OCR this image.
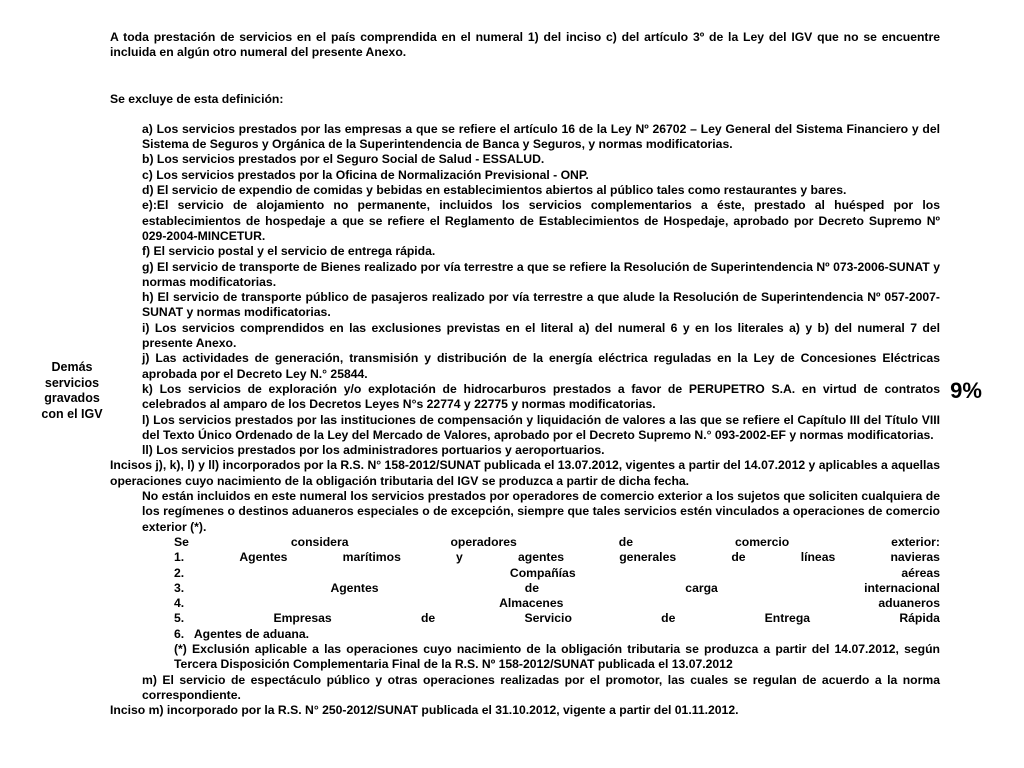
Demás
servicios
gravados
con el IGV
9%

A toda prestación de servicios en el país comprendida en el numeral 1) del inciso c) del artículo 3º de la Ley del IGV que no se encuentre incluida en algún otro numeral del presente Anexo.

Se excluye de esta definición:

a) Los servicios prestados por las empresas a que se refiere el artículo 16 de la Ley Nº 26702 – Ley General del Sistema Financiero y del Sistema de Seguros y Orgánica de la Superintendencia de Banca y Seguros, y normas modificatorias.

b) Los servicios prestados por el Seguro Social de Salud - ESSALUD.

c) Los servicios prestados por la Oficina de Normalización Previsional - ONP.

d) El servicio de expendio de comidas y bebidas en establecimientos abiertos al público tales como restaurantes y bares.

e):El servicio de alojamiento no permanente, incluidos los servicios complementarios a éste, prestado al huésped por los establecimientos de hospedaje a que se refiere el Reglamento de Establecimientos de Hospedaje, aprobado por Decreto Supremo Nº 029-2004-MINCETUR.

f) El servicio postal y el servicio de entrega rápida.

g) El servicio de transporte de Bienes realizado por vía terrestre a que se refiere la Resolución de Superintendencia Nº 073-2006-SUNAT y normas modificatorias.

h) El servicio de transporte público de pasajeros realizado por vía terrestre a que alude la Resolución de Superintendencia Nº 057-2007-SUNAT y normas modificatorias.

i) Los servicios comprendidos en las exclusiones previstas en el literal a) del numeral 6 y en los literales a) y b) del numeral 7 del presente Anexo.

j) Las actividades de generación, transmisión y distribución de la energía eléctrica reguladas en la Ley de Concesiones Eléctricas aprobada por el Decreto Ley N.° 25844.

k) Los servicios de exploración y/o explotación de hidrocarburos prestados a favor de PERUPETRO S.A. en virtud de contratos celebrados al amparo de los Decretos Leyes N°s 22774 y 22775 y normas modificatorias.

l) Los servicios prestados por las instituciones de compensación y liquidación de valores a las que se refiere el Capítulo III del Título VIII del Texto Único Ordenado de la Ley del Mercado de Valores, aprobado por el Decreto Supremo N.° 093-2002-EF y normas modificatorias.

ll) Los servicios prestados por los administradores portuarios y aeroportuarios.

Incisos j), k), l) y ll) incorporados por la R.S. N° 158-2012/SUNAT publicada el 13.07.2012, vigentes a partir del 14.07.2012 y aplicables a aquellas operaciones cuyo nacimiento de la obligación tributaria del IGV se produzca a partir de dicha fecha.

No están incluidos en este numeral los servicios prestados por operadores de comercio exterior a los sujetos que soliciten cualquiera de los regímenes o destinos aduaneros especiales o de excepción, siempre que tales servicios estén vinculados a operaciones de comercio exterior (*).

Se	considera	operadores	de	comercio	exterior:
1.	Agentes	marítimos	y	agentes	generales	de	líneas	navieras
2.	Compañías	aéreas
3.	Agentes	de	carga	internacional
4.	Almacenes	aduaneros
5.	Empresas	de	Servicio	de	Entrega	Rápida

6.   Agentes de aduana.

(*) Exclusión aplicable a las operaciones cuyo nacimiento de la obligación tributaria se produzca a partir del 14.07.2012, según Tercera Disposición Complementaria Final de la R.S. Nº 158-2012/SUNAT publicada el 13.07.2012

m) El servicio de espectáculo público y otras operaciones realizadas por el promotor, las cuales se regulan de acuerdo a la norma correspondiente.

Inciso m) incorporado por la R.S. N° 250-2012/SUNAT publicada el 31.10.2012, vigente a partir del 01.11.2012.
